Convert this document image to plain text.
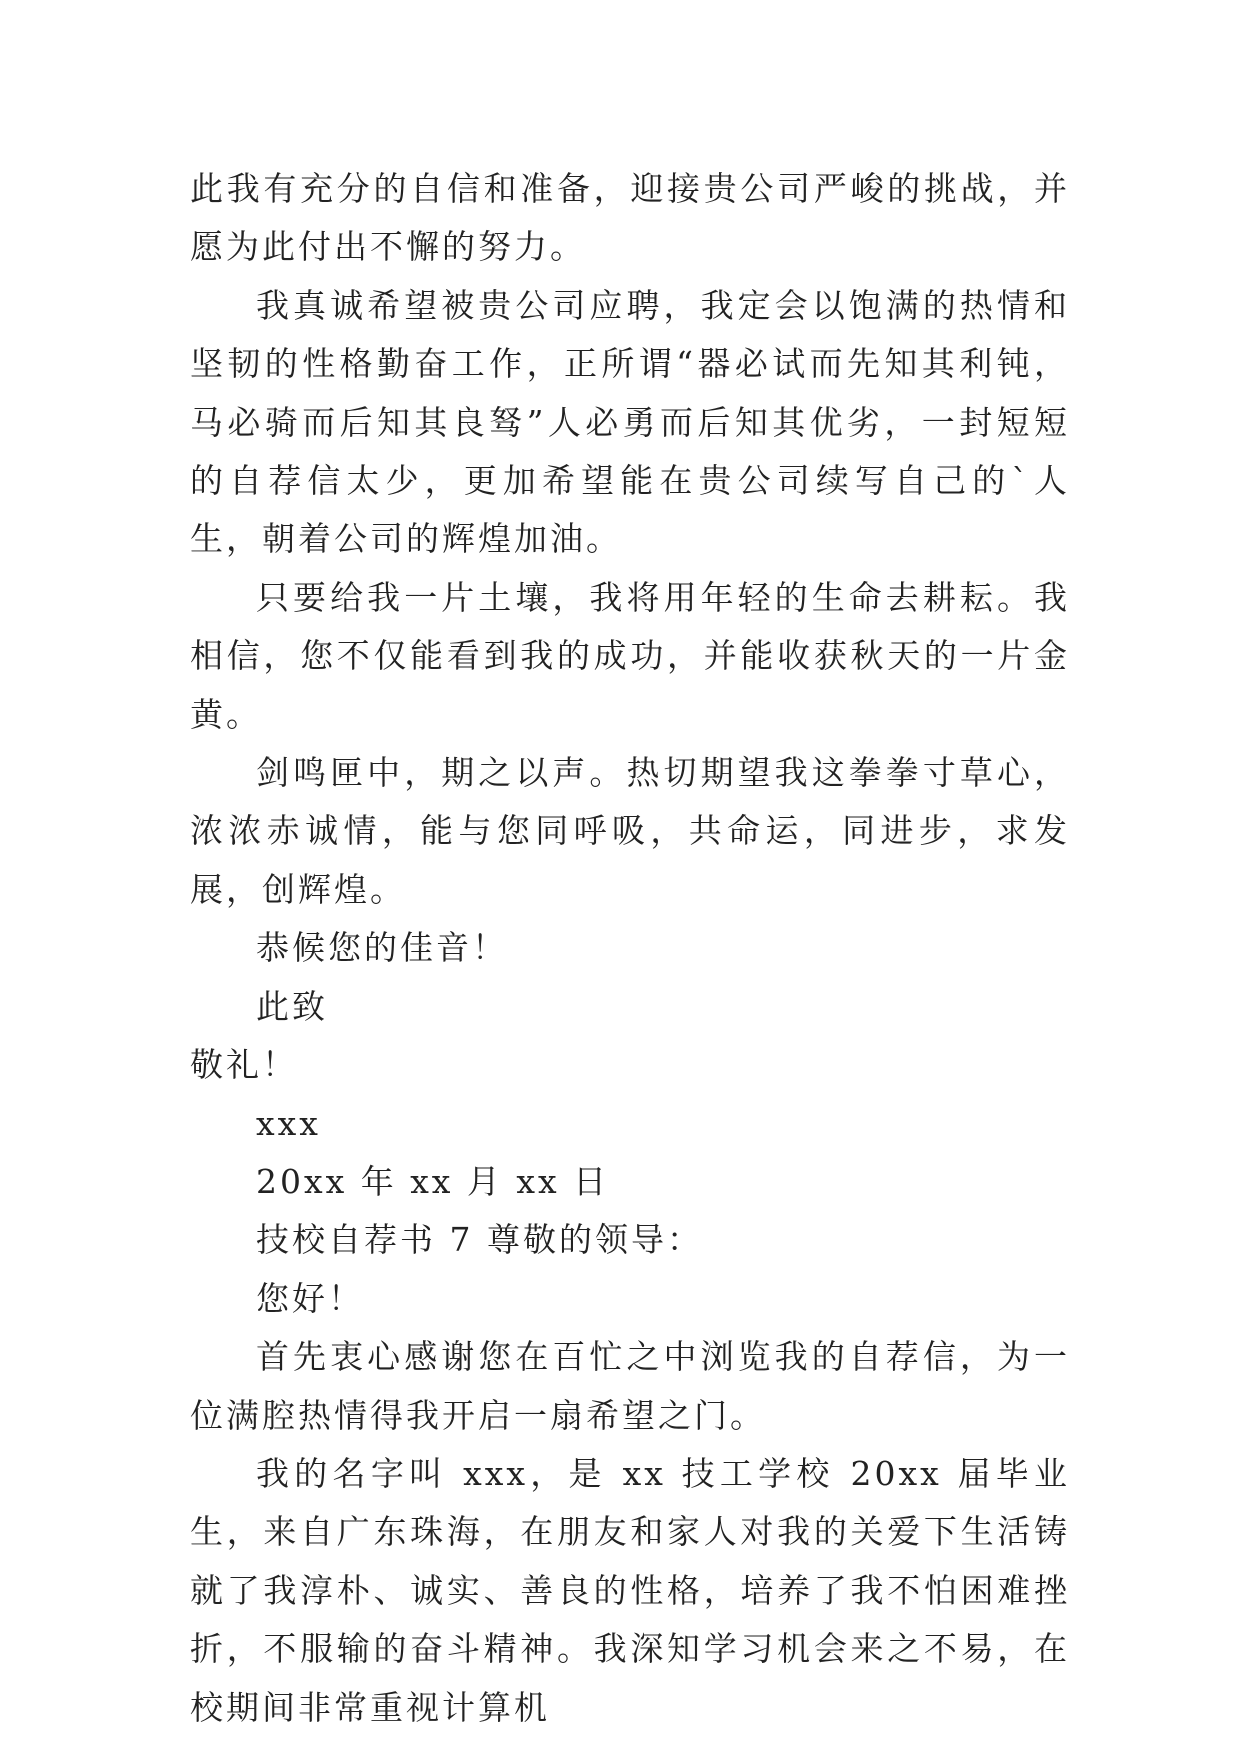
此我有充分的自信和准备，迎接贵公司严峻的挑战，并愿为此付出不懈的努力。

我真诚希望被贵公司应聘，我定会以饱满的热情和坚韧的性格勤奋工作，正所谓“器必试而先知其利钝，马必骑而后知其良驽”人必勇而后知其优劣，一封短短的自荐信太少，更加希望能在贵公司续写自己的`人生，朝着公司的辉煌加油。

只要给我一片土壤，我将用年轻的生命去耕耘。我相信，您不仅能看到我的成功，并能收获秋天的一片金黄。

剑鸣匣中，期之以声。热切期望我这拳拳寸草心，浓浓赤诚情，能与您同呼吸，共命运，同进步，求发展，创辉煌。

恭候您的佳音！

此致

敬礼！

xxx

20xx 年 xx 月 xx 日

技校自荐书 7 尊敬的领导：

您好！

首先衷心感谢您在百忙之中浏览我的自荐信，为一位满腔热情得我开启一扇希望之门。

我的名字叫 xxx，是 xx 技工学校 20xx 届毕业生，来自广东珠海，在朋友和家人对我的关爱下生活铸就了我淳朴、诚实、善良的性格，培养了我不怕困难挫折，不服输的奋斗精神。我深知学习机会来之不易，在校期间非常重视计算机
